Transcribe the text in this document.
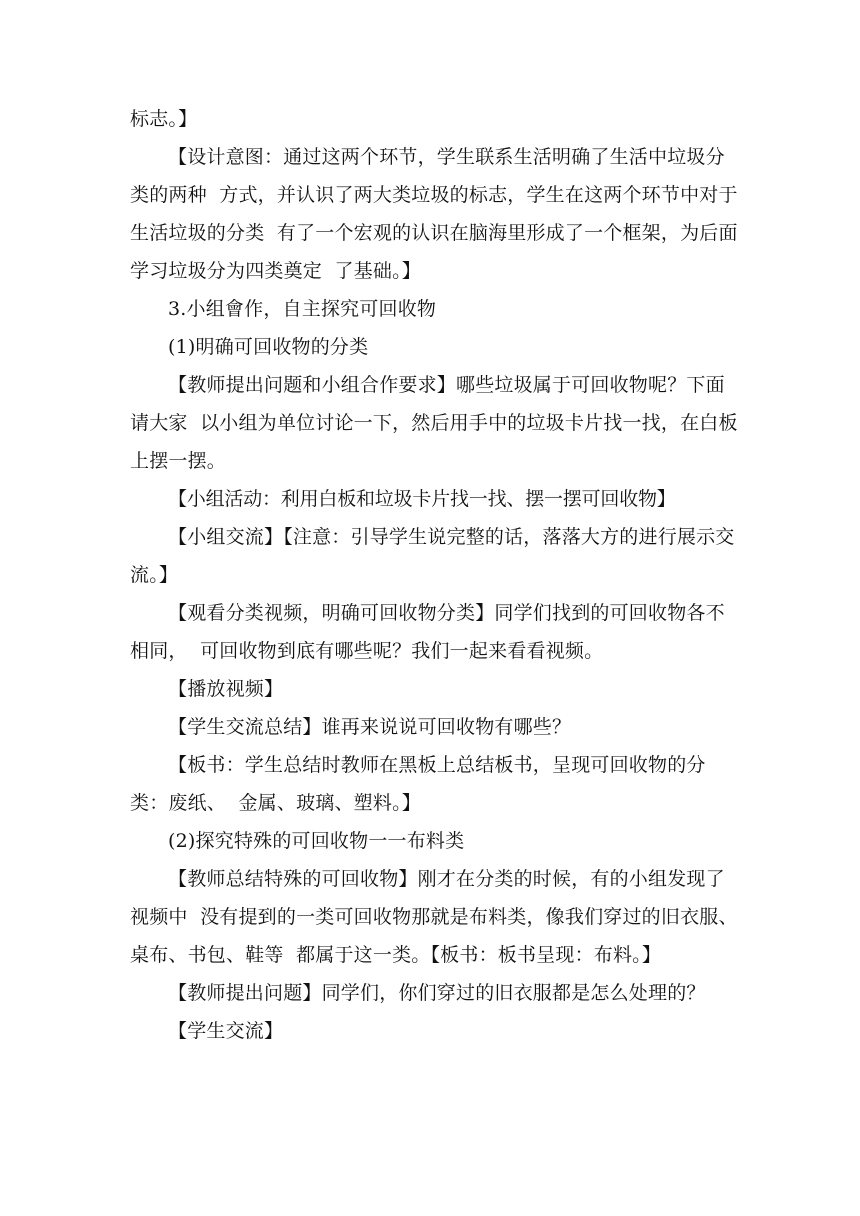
标志。】

【设计意图：通过这两个环节，学生联系生活明确了生活中垃圾分类的两种  方式，并认识了两大类垃圾的标志，学生在这两个环节中对于生活垃圾的分类  有了一个宏观的认识在脑海里形成了一个框架，为后面学习垃圾分为四类奠定  了基础。】

3.小组會作，自主探究可回收物

(1)明确可回收物的分类

【教师提出问题和小组合作要求】哪些垃圾属于可回收物呢？下面请大家  以小组为单位讨论一下，然后用手中的垃圾卡片找一找，在白板上摆一摆。

【小组活动：利用白板和垃圾卡片找一找、摆一摆可回收物】

【小组交流】【注意：引导学生说完整的话，落落大方的进行展示交流。】

【观看分类视频，明确可回收物分类】同学们找到的可回收物各不相同，  可回收物到底有哪些呢？我们一起来看看视频。

【播放视频】

【学生交流总结】谁再来说说可回收物有哪些？

【板书：学生总结时教师在黑板上总结板书，呈现可回收物的分类：废纸、  金属、玻璃、塑料。】

(2)探究特殊的可回收物一一布料类

【教师总结特殊的可回收物】刚才在分类的时候，有的小组发现了视频中  没有提到的一类可回收物那就是布料类，像我们穿过的旧衣服、桌布、书包、鞋等  都属于这一类。【板书：板书呈现：布料。】

【教师提出问题】同学们，你们穿过的旧衣服都是怎么处理的？

【学生交流】
